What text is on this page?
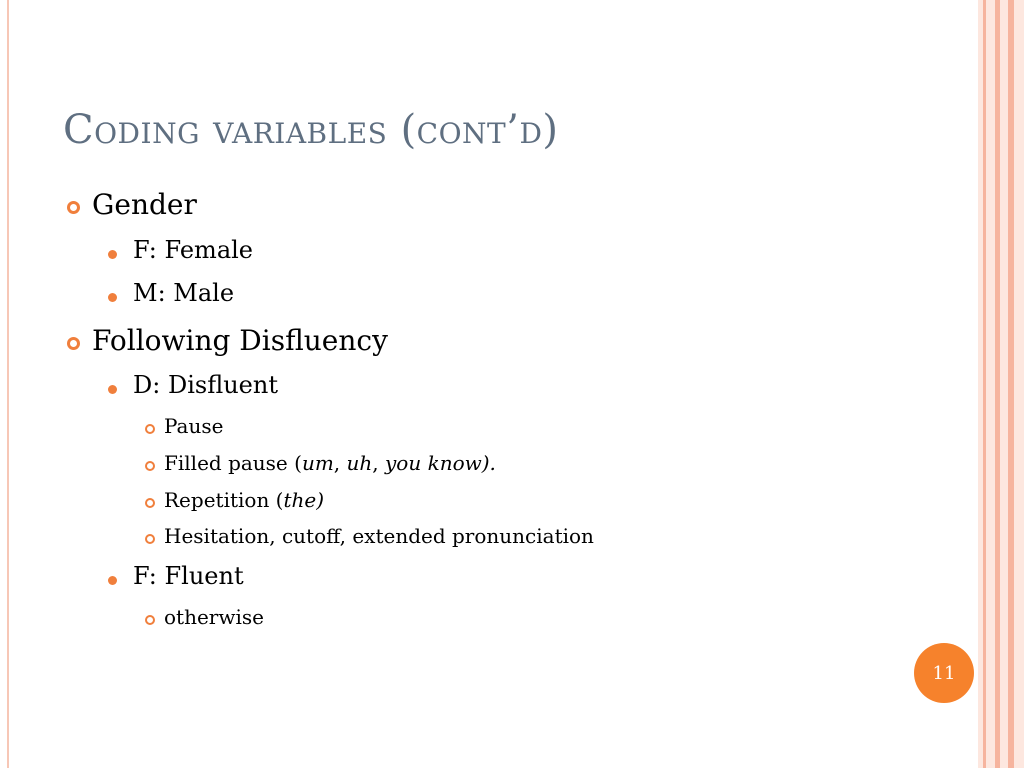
Coding variables (cont’d)
Gender
F: Female
M: Male
Following Disfluency
D: Disfluent
Pause
Filled pause (um, uh, you know).
Repetition (the)
Hesitation, cutoff, extended pronunciation
F: Fluent
otherwise
11
